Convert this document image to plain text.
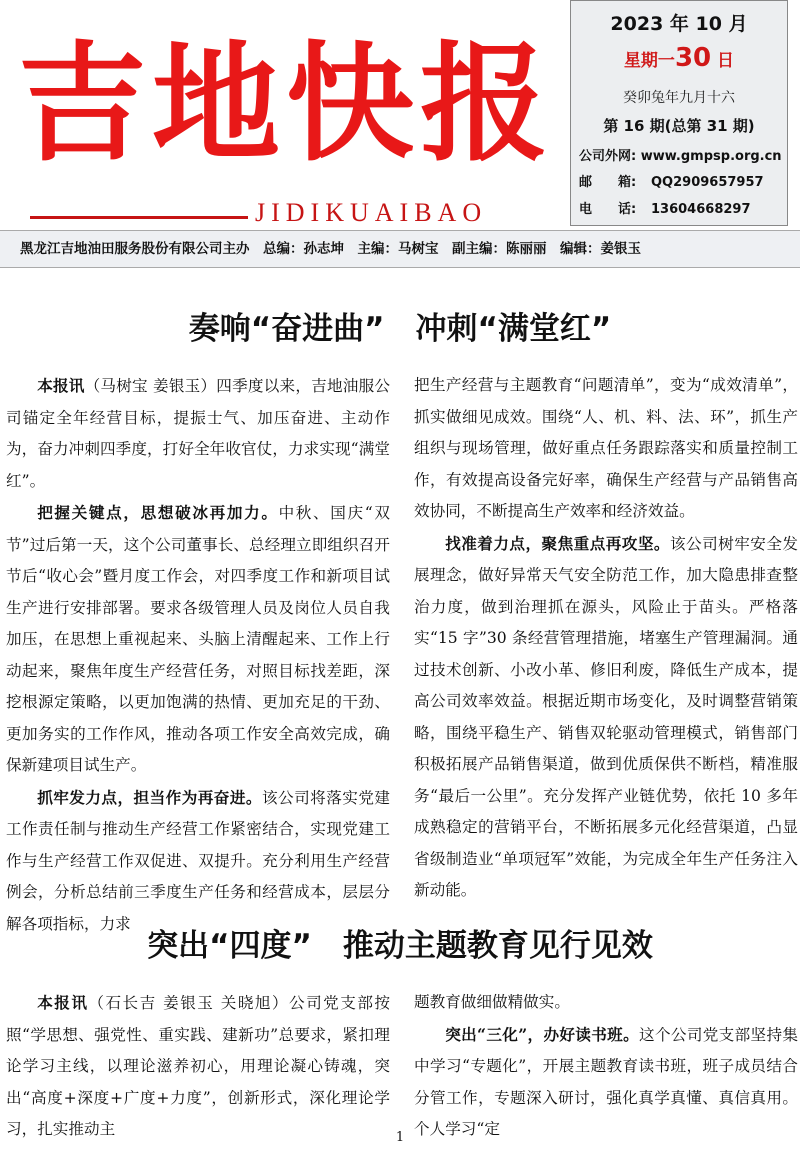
吉地快报
JIDIKUAIBAO
2023 年 10 月
星期一30 日
癸卯兔年九月十六
第 16 期(总第 31 期)
公司外网: www.gmpsp.org.cn
邮　　箱: QQ2909657957
电　　话: 13604668297
黑龙江吉地油田服务股份有限公司主办　总编：孙志坤　主编：马树宝　副主编：陈丽丽　编辑：姜银玉
奏响“奋进曲”　冲刺“满堂红”

本报讯（马树宝 姜银玉）四季度以来，吉地油服公司锚定全年经营目标，提振士气、加压奋进、主动作为，奋力冲刺四季度，打好全年收官仗，力求实现“满堂红”。

把握关键点，思想破冰再加力。中秋、国庆“双节”过后第一天，这个公司董事长、总经理立即组织召开节后“收心会”暨月度工作会，对四季度工作和新项目试生产进行安排部署。要求各级管理人员及岗位人员自我加压，在思想上重视起来、头脑上清醒起来、工作上行动起来，聚焦年度生产经营任务，对照目标找差距，深挖根源定策略，以更加饱满的热情、更加充足的干劲、更加务实的工作作风，推动各项工作安全高效完成，确保新建项目试生产。

抓牢发力点，担当作为再奋进。该公司将落实党建工作责任制与推动生产经营工作紧密结合，实现党建工作与生产经营工作双促进、双提升。充分利用生产经营例会，分析总结前三季度生产任务和经营成本，层层分解各项指标，力求

把生产经营与主题教育“问题清单”，变为“成效清单”，抓实做细见成效。围绕“人、机、料、法、环”，抓生产组织与现场管理，做好重点任务跟踪落实和质量控制工作，有效提高设备完好率，确保生产经营与产品销售高效协同，不断提高生产效率和经济效益。

找准着力点，聚焦重点再攻坚。该公司树牢安全发展理念，做好异常天气安全防范工作，加大隐患排查整治力度，做到治理抓在源头，风险止于苗头。严格落实“15 字”30 条经营管理措施，堵塞生产管理漏洞。通过技术创新、小改小革、修旧利废，降低生产成本，提高公司效率效益。根据近期市场变化，及时调整营销策略，围绕平稳生产、销售双轮驱动管理模式，销售部门积极拓展产品销售渠道，做到优质保供不断档，精准服务“最后一公里”。充分发挥产业链优势，依托 10 多年成熟稳定的营销平台，不断拓展多元化经营渠道，凸显省级制造业“单项冠军”效能，为完成全年生产任务注入新动能。

突出“四度”　推动主题教育见行见效

本报讯（石长吉 姜银玉 关晓旭）公司党支部按照“学思想、强党性、重实践、建新功”总要求，紧扣理论学习主线，以理论滋养初心，用理论凝心铸魂，突出“高度+深度+广度+力度”，创新形式，深化理论学习，扎实推动主

题教育做细做精做实。

突出“三化”，办好读书班。这个公司党支部坚持集中学习“专题化”，开展主题教育读书班，班子成员结合分管工作，专题深入研讨，强化真学真懂、真信真用。个人学习“定

1
